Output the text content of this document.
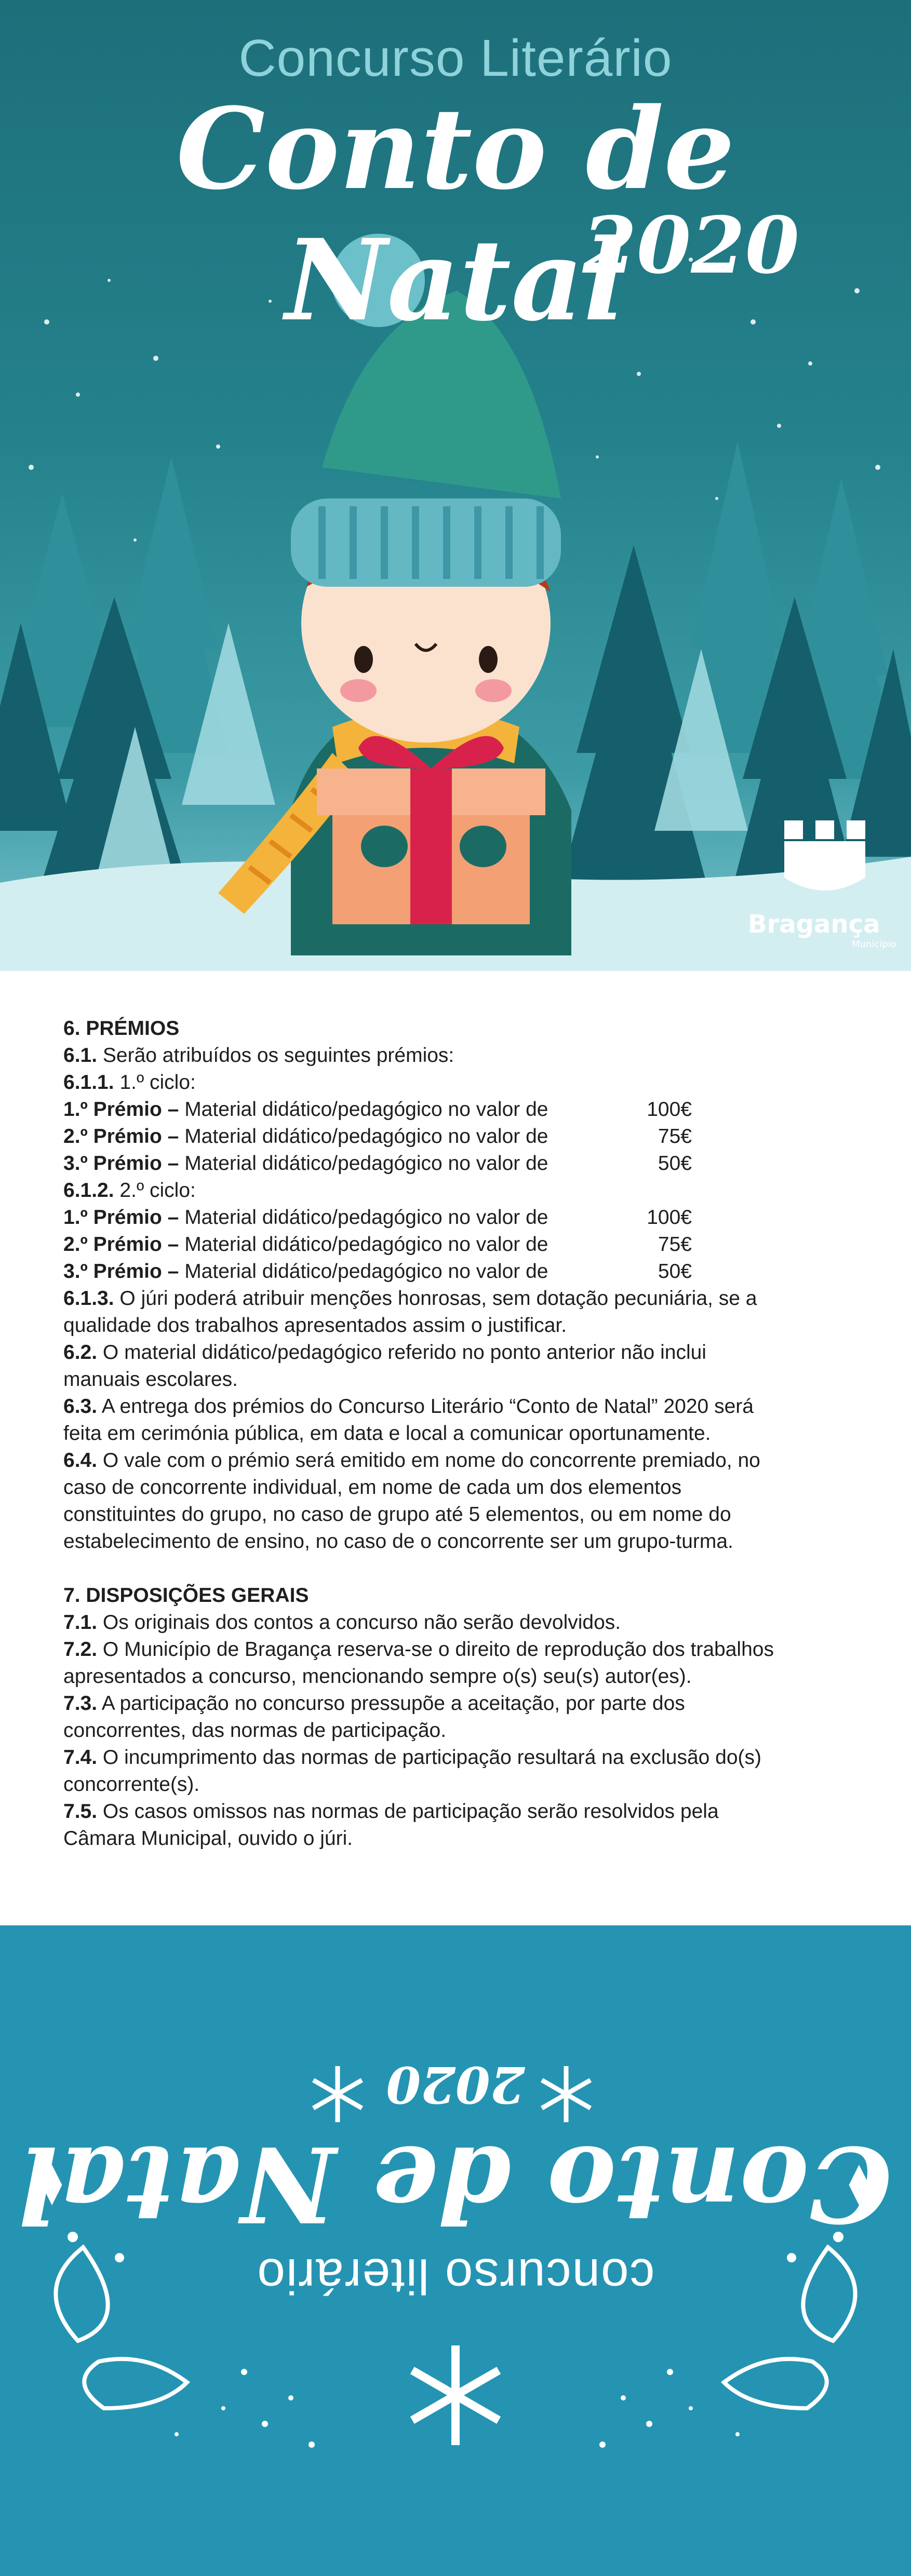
Concurso Literário
Conto de Natal
2020
Bragança
Município
6. PRÉMIOS
6.1. Serão atribuídos os seguintes prémios:
6.1.1. 1.º ciclo:
1.º Prémio – Material didático/pedagógico no valor de	100€
2.º Prémio – Material didático/pedagógico no valor de	75€
3.º Prémio – Material didático/pedagógico no valor de	50€
6.1.2. 2.º ciclo:
1.º Prémio – Material didático/pedagógico no valor de	100€
2.º Prémio – Material didático/pedagógico no valor de	75€
3.º Prémio – Material didático/pedagógico no valor de	50€
6.1.3. O júri poderá atribuir menções honrosas, sem dotação pecuniária, se a
qualidade dos trabalhos apresentados assim o justificar.
6.2. O material didático/pedagógico referido no ponto anterior não inclui
manuais escolares.
6.3. A entrega dos prémios do Concurso Literário “Conto de Natal” 2020 será
feita em cerimónia pública, em data e local a comunicar oportunamente.
6.4. O vale com o prémio será emitido em nome do concorrente premiado, no
caso de concorrente individual, em nome de cada um dos elementos
constituintes do grupo, no caso de grupo até 5 elementos, ou em nome do
estabelecimento de ensino, no caso de o concorrente ser um grupo-turma.
7. DISPOSIÇÕES GERAIS
7.1. Os originais dos contos a concurso não serão devolvidos.
7.2. O Município de Bragança reserva-se o direito de reprodução dos trabalhos
apresentados a concurso, mencionando sempre o(s) seu(s) autor(es).
7.3. A participação no concurso pressupõe a aceitação, por parte dos
concorrentes, das normas de participação.
7.4. O incumprimento das normas de participação resultará na exclusão do(s)
concorrente(s).
7.5. Os casos omissos nas normas de participação serão resolvidos pela
Câmara Municipal, ouvido o júri.
2020
Conto de Natal
concurso literário
